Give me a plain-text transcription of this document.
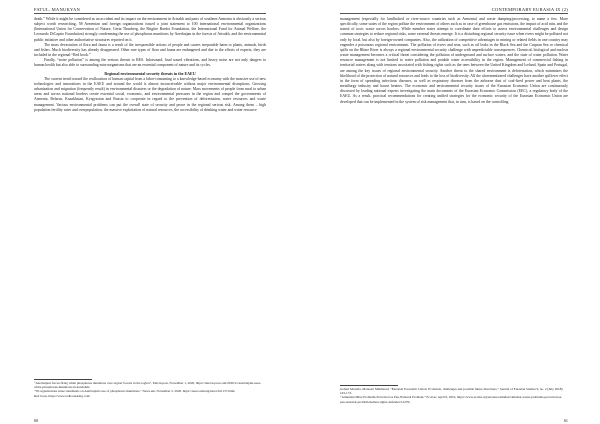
FATUL, MANUKYAN

death.” While it might be considered as an accident and its impact on the environment in Artsakh and parts of southern Armenia is obviously a serious subject worth researching, 58 Armenian and foreign organizations issued a joint statement to 100 international environmental organizations (International Union for Conservation of Nature, Greta Thunberg, the Brigitte Bardot Foundation, the International Fund for Animal Welfare, the Leonardo DiCaprio Foundation) strongly condemning the use of phosphorus munitions by Azerbaijan in the forests of Artsakh, and the environmental public initiative and other authoritative structures reported on it.

The mass devastation of flora and fauna is a result of the irresponsible actions of people and causes irreparable harm to plants, animals, birds and fishes. Much biodiversity has already disappeared. Other rare types of flora and fauna are endangered and due to the efforts of experts, they are included in the regional “Red book.”

Finally, “noise pollution” is among the serious threats to RES. Infrasound, loud sound vibrations, and heavy noise are not only dangers to human health but also able to surrounding microorganisms that are an essential component of nature and its cycles.

Regional environmental security threats in the EAEU

The current trend toward the reallocation of human capital from a labor-consuming to a knowledge-based economy with the massive use of new technologies and innovations in the EAEU and around the world is almost inconceivable without major environmental disruptions. Growing urbanization and migration (frequently result) in environmental disasters or the degradation of nature. Mass movements of people from rural to urban areas and across national borders create essential social, economic, and environmental pressures in the region and compel the governments of Armenia, Belarus, Kazakhstan, Kyrgyzstan and Russia to cooperate in regard to the prevention of deforestation, water resources and waste management. Various environmental problems can put the overall state of security and peace in the regional serious risk. Among them – high population fertility rates and overpopulation, the massive exploitation of natural resources, the accessibility of drinking water and water resource

“Azerbaijani forces firing white phosphorus munitions over region' forests in the region”, Mavrn.post, November 1, 2020, https://mavrn.post.com/2020/11/azerbaijani-uses-white-phosphorus-munitions-in-karabakh/.
“58 organizations issue statements on Azerbaijan's use of phosphorus munitions,” News.am, November 2, 2020, https://news.am/eng/news/611157.html.
Red book, https://www.redbookarmg.com/
60
CONTEMPORARY EURASIA IX (2)

management (especially for landlocked or river-source countries such as Armenia) and waste dumping/processing, to name a few. More specifically, some states of the region pollute the environment of others such as in case of greenhouse gas emissions, the impact of acid rain, and the transit of toxic waste across borders. While member states attempt to coordinate their efforts to assess environmental challenges and design common strategies to reduce regional risks, some external threats emerge. It is a disturbing regional security issue when rivers might be polluted not only by local, but also by foreign-owned companies. Also, the utilization of competitive advantages in mining or related fields in one country may engender a poisonous regional environment. The pollution of rivers and seas, such as oil leaks in the Black Sea and the Caspian Sea or chemical spills on the Rhine River is always a regional environmental security challenge with unpredictable consequences. Chemical, biological and nuclear waste management becomes a critical threat considering the pollution of underground and surface waters, and the state of water pollution. Water resource management is not limited to water pollution and potable water accessibility in the region. Management of commercial fishing in territorial waters along with tensions associated with fishing rights such as the ones between the United Kingdom and Iceland, Spain and Portugal, are among the key issues of regional environmental security. Another threat to the shared environment is deforestation, which minimizes the likelihood of the protection of natural resources and leads to the loss of biodiversity. All the aforementioned challenges have another spillover effect in the form of spreading infectious diseases, as well as respiratory diseases from the airborne dust of coal-fired power and heat plants, the metallurgy industry and house heaters. The economic and environmental security issues of the Eurasian Economic Union are continuously discussed by leading national experts investigating the main documents of the Eurasian Economic Commission (EEC), a regulatory body of the EAEU. As a result, practical recommendations for creating unified strategies for the economic security of the Eurasian Economic Union are developed that can be implemented in the system of risk management that, in turn, is based on the controlling

Gohari Mostafa, Mansour Mahmoud, “Eurasian Economic Union: Evolution, challenges and possible future directions,” Journal of Eurasian Studies 9, no. 2 (July 2018): 163-172.
“Armenian Mine Problems Perceived as Pan-National Problem,” EcoLur, April 9, 2019, https://www.ecolur.org/en/news/amulsar/amulsar-waste-problems-perceived-as-pan-national-problem-human-rights-defender/12279/.
61
